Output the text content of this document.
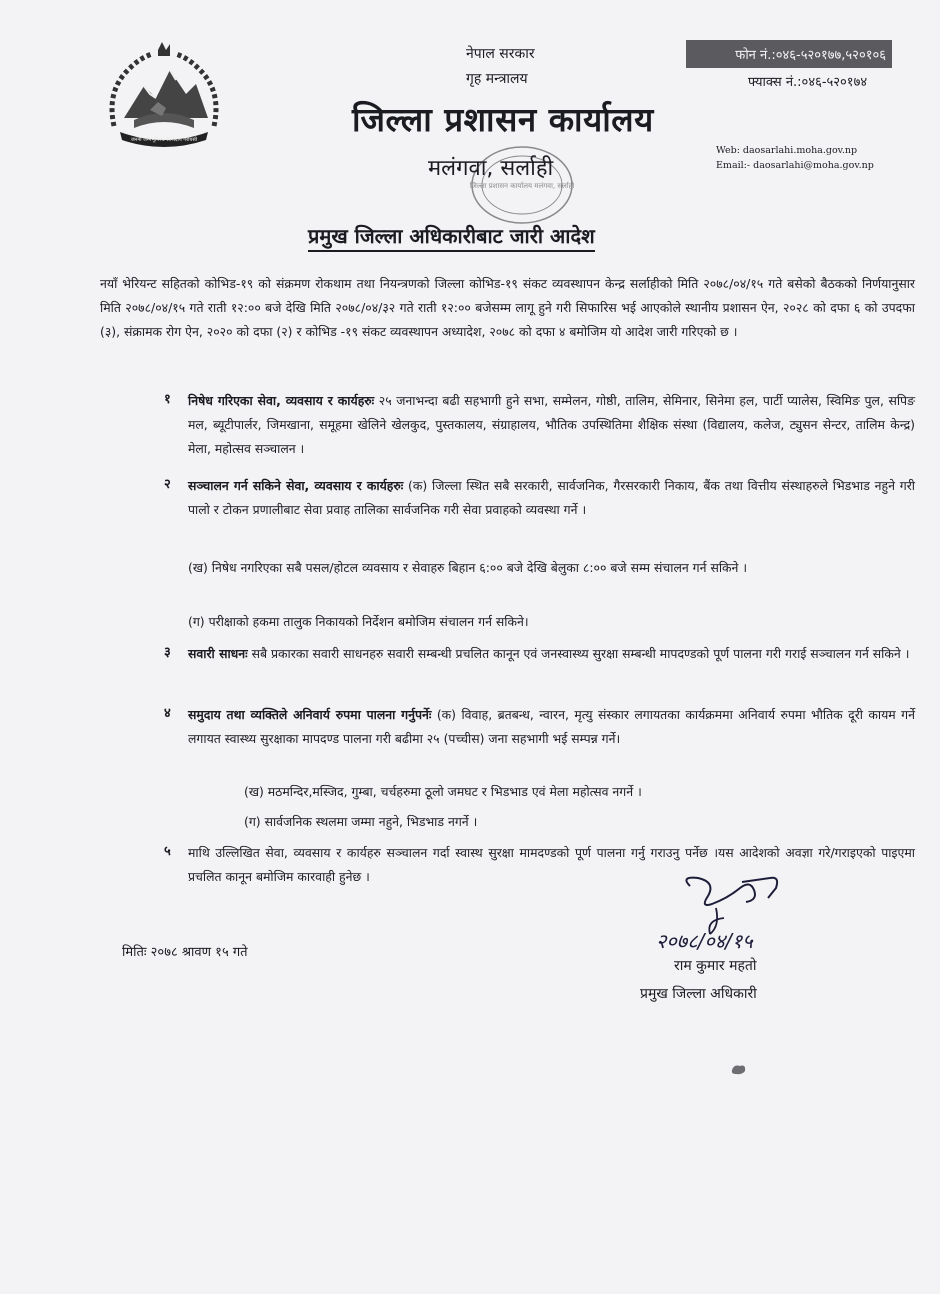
जननी जन्मभूमिश्च स्वर्गादपि गरीयसी
नेपाल सरकार
गृह मन्त्रालय
फोन नं.:०४६-५२०१७७,५२०१०६
फ्याक्स नं.:०४६-५२०१७४
जिल्ला प्रशासन कार्यालय
मलंगवा, सर्लाही
जिल्ला प्रशासन कार्यालय मलंगवा, सर्लाही
Web: daosarlahi.moha.gov.np
Email:- daosarlahi@moha.gov.np
प्रमुख जिल्ला अधिकारीबाट जारी आदेश
नयाँ भेरियन्ट सहितको कोभिड-१९ को संक्रमण रोकथाम तथा नियन्त्रणको जिल्ला कोभिड-१९ संकट व्यवस्थापन केन्द्र सर्लाहीको मिति २०७८/०४/१५ गते बसेको बैठकको निर्णयानुसार मिति २०७८/०४/१५ गते राती १२:०० बजे देखि मिति २०७८/०४/३२ गते राती १२:०० बजेसम्म लागू हुने गरी सिफारिस भई आएकोले स्थानीय प्रशासन ऐन, २०२८ को दफा ६ को उपदफा (३), संक्रामक रोग ऐन, २०२० को दफा (२) र कोभिड -१९ संकट व्यवस्थापन अध्यादेश, २०७८ को दफा ४ बमोजिम यो आदेश जारी गरिएको छ ।
१ निषेध गरिएका सेवा, व्यवसाय र कार्यहरुः २५ जनाभन्दा बढी सहभागी हुने सभा, सम्मेलन, गोष्ठी, तालिम, सेमिनार, सिनेमा हल, पार्टी प्यालेस, स्विमिङ पुल, सपिङ मल, ब्यूटीपार्लर, जिमखाना, समूहमा खेलिने खेलकुद, पुस्तकालय, संग्राहालय, भौतिक उपस्थितिमा शैक्षिक संस्था (विद्यालय, कलेज, ट्युसन सेन्टर, तालिम केन्द्र) मेला, महोत्सव सञ्चालन ।
२ सञ्चालन गर्न सकिने सेवा, व्यवसाय र कार्यहरुः (क) जिल्ला स्थित सबै सरकारी, सार्वजनिक, गैरसरकारी निकाय, बैंक तथा वित्तीय संस्थाहरुले भिडभाड नहुने गरी पालो र टोकन प्रणालीबाट सेवा प्रवाह तालिका सार्वजनिक गरी सेवा प्रवाहको व्यवस्था गर्ने ।
(ख) निषेध नगरिएका सबै पसल/होटल व्यवसाय र सेवाहरु बिहान ६:०० बजे देखि बेलुका ८:०० बजे सम्म संचालन गर्न सकिने ।
(ग) परीक्षाको हकमा तालुक निकायको निर्देशन बमोजिम संचालन गर्न सकिने।
३ सवारी साधनः सबै प्रकारका सवारी साधनहरु सवारी सम्बन्धी प्रचलित कानून एवं जनस्वास्थ्य सुरक्षा सम्बन्धी मापदण्डको पूर्ण पालना गरी गराई सञ्चालन गर्न सकिने ।
४ समुदाय तथा व्यक्तिले अनिवार्य रुपमा पालना गर्नुपर्नेः (क) विवाह, ब्रतबन्ध, न्वारन, मृत्यु संस्कार लगायतका कार्यक्रममा अनिवार्य रुपमा भौतिक दूरी कायम गर्ने लगायत स्वास्थ्य सुरक्षाका मापदण्ड पालना गरी बढीमा २५ (पच्चीस) जना सहभागी भई सम्पन्न गर्ने।
(ख) मठमन्दिर,मस्जिद, गुम्बा, चर्चहरुमा ठूलो जमघट र भिडभाड एवं मेला महोत्सव नगर्ने ।
(ग) सार्वजनिक स्थलमा जम्मा नहुने, भिडभाड नगर्ने ।
५ माथि उल्लिखित सेवा, व्यवसाय र कार्यहरु सञ्चालन गर्दा स्वास्थ सुरक्षा मामदण्डको पूर्ण पालना गर्नु गराउनु पर्नेछ ।यस आदेशको अवज्ञा गरे/गराइएको पाइएमा प्रचलित कानून बमोजिम कारवाही हुनेछ ।
मितिः २०७८ श्रावण १५ गते	२०७८/०४/१५
राम कुमार महतो
प्रमुख जिल्ला अधिकारी
